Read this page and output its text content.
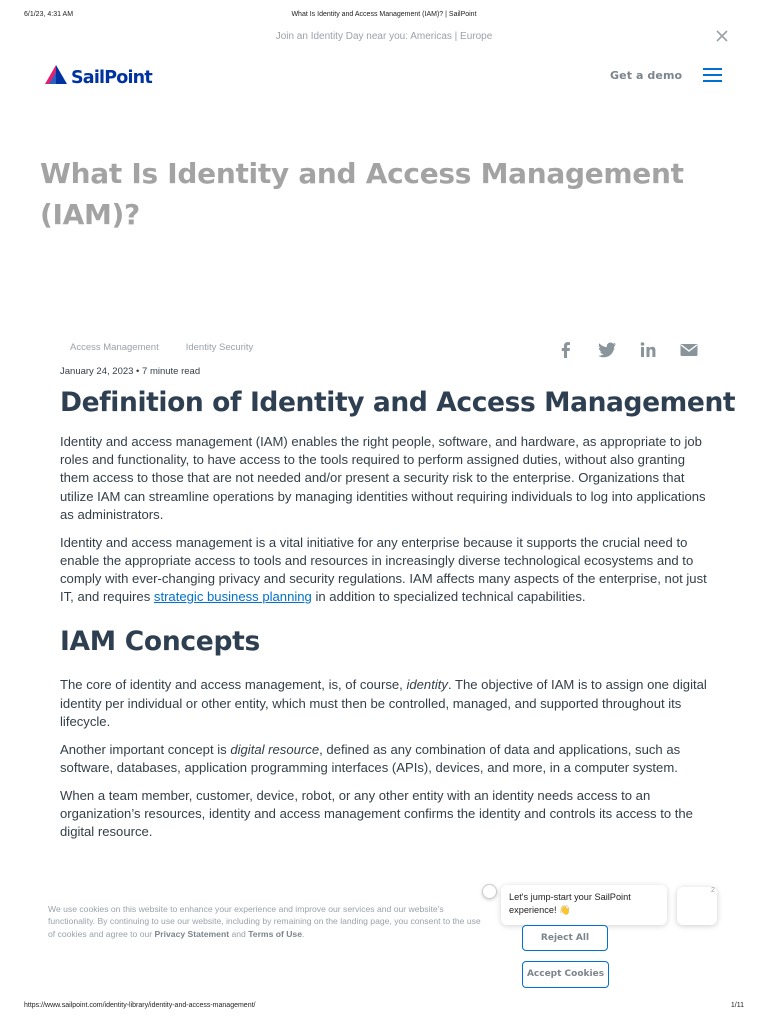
6/1/23, 4:31 AM	What Is Identity and Access Management (IAM)? | SailPoint
Join an Identity Day near you: Americas | Europe
SailPoint	Get a demo
What Is Identity and Access Management (IAM)?
Access Management	Identity Security
January 24, 2023 • 7 minute read
Definition of Identity and Access Management

Identity and access management (IAM) enables the right people, software, and hardware, as appropriate to job roles and functionality, to have access to the tools required to perform assigned duties, without also granting them access to those that are not needed and/or present a security risk to the enterprise. Organizations that utilize IAM can streamline operations by managing identities without requiring individuals to log into applications as administrators.

Identity and access management is a vital initiative for any enterprise because it supports the crucial need to enable the appropriate access to tools and resources in increasingly diverse technological ecosystems and to comply with ever-changing privacy and security regulations. IAM affects many aspects of the enterprise, not just IT, and requires strategic business planning in addition to specialized technical capabilities.

IAM Concepts

The core of identity and access management, is, of course, identity. The objective of IAM is to assign one digital identity per individual or other entity, which must then be controlled, managed, and supported throughout its lifecycle.

Another important concept is digital resource, defined as any combination of data and applications, such as software, databases, application programming interfaces (APIs), devices, and more, in a computer system.

When a team member, customer, device, robot, or any other entity with an identity needs access to an organization’s resources, identity and access management confirms the identity and controls its access to the digital resource.

We use cookies on this website to enhance your experience and improve our services and our website’s functionality. By continuing to use our website, including by remaining on the landing page, you consent to the use of cookies and agree to our Privacy Statement and Terms of Use.
Let's jump-start your SailPoint experience! 👋
2
Reject All
Accept Cookies
https://www.sailpoint.com/identity-library/identity-and-access-management/	1/11
